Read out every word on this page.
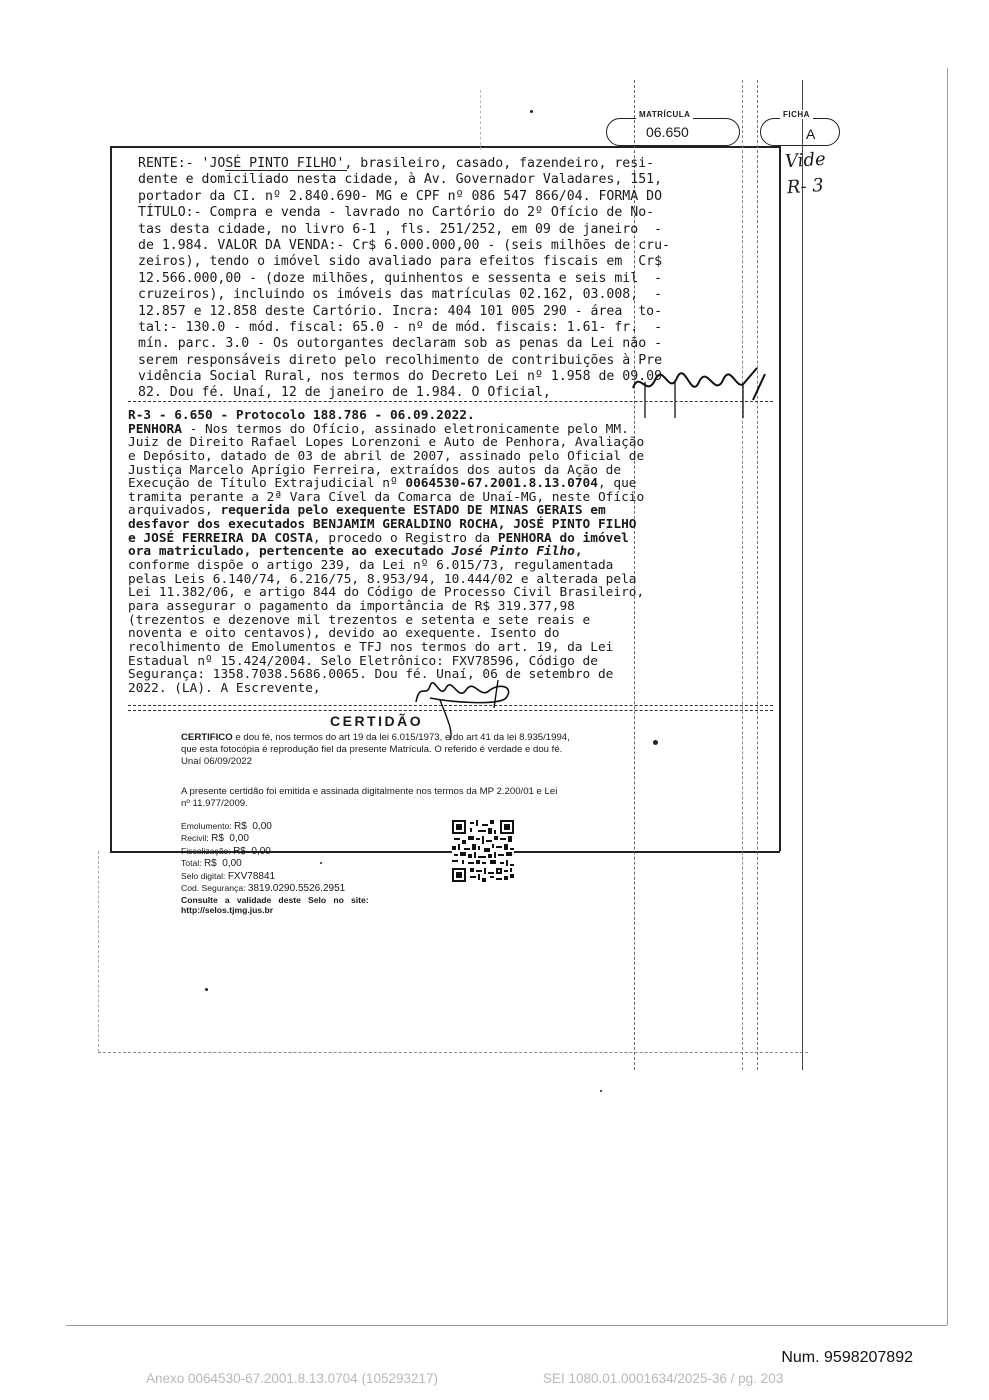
MATRÍCULA
06.650
FICHA
A
Vide
R- 3
RENTE:- 'JOSÉ PINTO FILHO', brasileiro, casado, fazendeiro, resi-
dente e domiciliado nesta cidade, à Av. Governador Valadares, 151,
portador da CI. nº 2.840.690- MG e CPF nº 086 547 866/04. FORMA DO
TÍTULO:- Compra e venda - lavrado no Cartório do 2º Ofício de No-
tas desta cidade, no livro 6-1 , fls. 251/252, em 09 de janeiro  -
de 1.984. VALOR DA VENDA:- Cr$ 6.000.000,00 - (seis milhões de cru-
zeiros), tendo o imóvel sido avaliado para efeitos fiscais em  Cr$
12.566.000,00 - (doze milhões, quinhentos e sessenta e seis mil  -
cruzeiros), incluindo os imóveis das matrículas 02.162, 03.008,  -
12.857 e 12.858 deste Cartório. Incra: 404 101 005 290 - área  to-
tal:- 130.0 - mód. fiscal: 65.0 - nº de mód. fiscais: 1.61- fr.  -
mín. parc. 3.0 - Os outorgantes declaram sob as penas da Lei não -
serem responsáveis direto pelo recolhimento de contribuições à Pre
vidência Social Rural, nos termos do Decreto Lei nº 1.958 de 09.09
82. Dou fé. Unaí, 12 de janeiro de 1.984. O Oficial,
R-3 - 6.650 - Protocolo 188.786 - 06.09.2022.
PENHORA - Nos termos do Ofício, assinado eletronicamente pelo MM.
Juiz de Direito Rafael Lopes Lorenzoni e Auto de Penhora, Avaliação
e Depósito, datado de 03 de abril de 2007, assinado pelo Oficial de
Justiça Marcelo Aprígio Ferreira, extraídos dos autos da Ação de
Execução de Título Extrajudicial nº 0064530-67.2001.8.13.0704 , que
tramita perante a 2ª Vara Cível da Comarca de Unaí-MG, neste Ofício
arquivados, requerida pelo exequente ESTADO DE MINAS GERAIS em
desfavor dos executados BENJAMIM GERALDINO ROCHA, JOSÉ PINTO FILHO
e JOSÉ FERREIRA DA COSTA , procedo o Registro da PENHORA do imóvel
ora matriculado, pertencente ao executado José Pinto Filho ,
conforme dispõe o artigo 239, da Lei nº 6.015/73, regulamentada
pelas Leis 6.140/74, 6.216/75, 8.953/94, 10.444/02 e alterada pela
Lei 11.382/06, e artigo 844 do Código de Processo Civil Brasileiro,
para assegurar o pagamento da importância de R$ 319.377,98
(trezentos e dezenove mil trezentos e setenta e sete reais e
noventa e oito centavos), devido ao exequente. Isento do
recolhimento de Emolumentos e TFJ nos termos do art. 19, da Lei
Estadual nº 15.424/2004. Selo Eletrônico: FXV78596, Código de
Segurança: 1358.7038.5686.0065. Dou fé. Unaí, 06 de setembro de
2022. (LA). A Escrevente,
CERTIDÃO
CERTIFICO e dou fé, nos termos do art 19 da lei 6.015/1973, e do art 41 da lei 8.935/1994, que esta fotocópia é reprodução fiel da presente Matrícula. O referido é verdade e dou fé. Unaí 06/09/2022
A presente certidão foi emitida e assinada digitalmente nos termos da MP 2.200/01 e Lei nº 11.977/2009.
Emolumento: R$  0,00
Recivil: R$  0,00
Fiscalização: R$  0,00
Total: R$  0,00
Selo digital: FXV78841
Cod. Segurança: 3819.0290.5526.2951
Consulte   a   validade   deste   Selo   no   site:
http://selos.tjmg.jus.br
Num. 9598207892
Anexo 0064530-67.2001.8.13.0704 (105293217)	SEI 1080.01.0001634/2025-36 / pg. 203
